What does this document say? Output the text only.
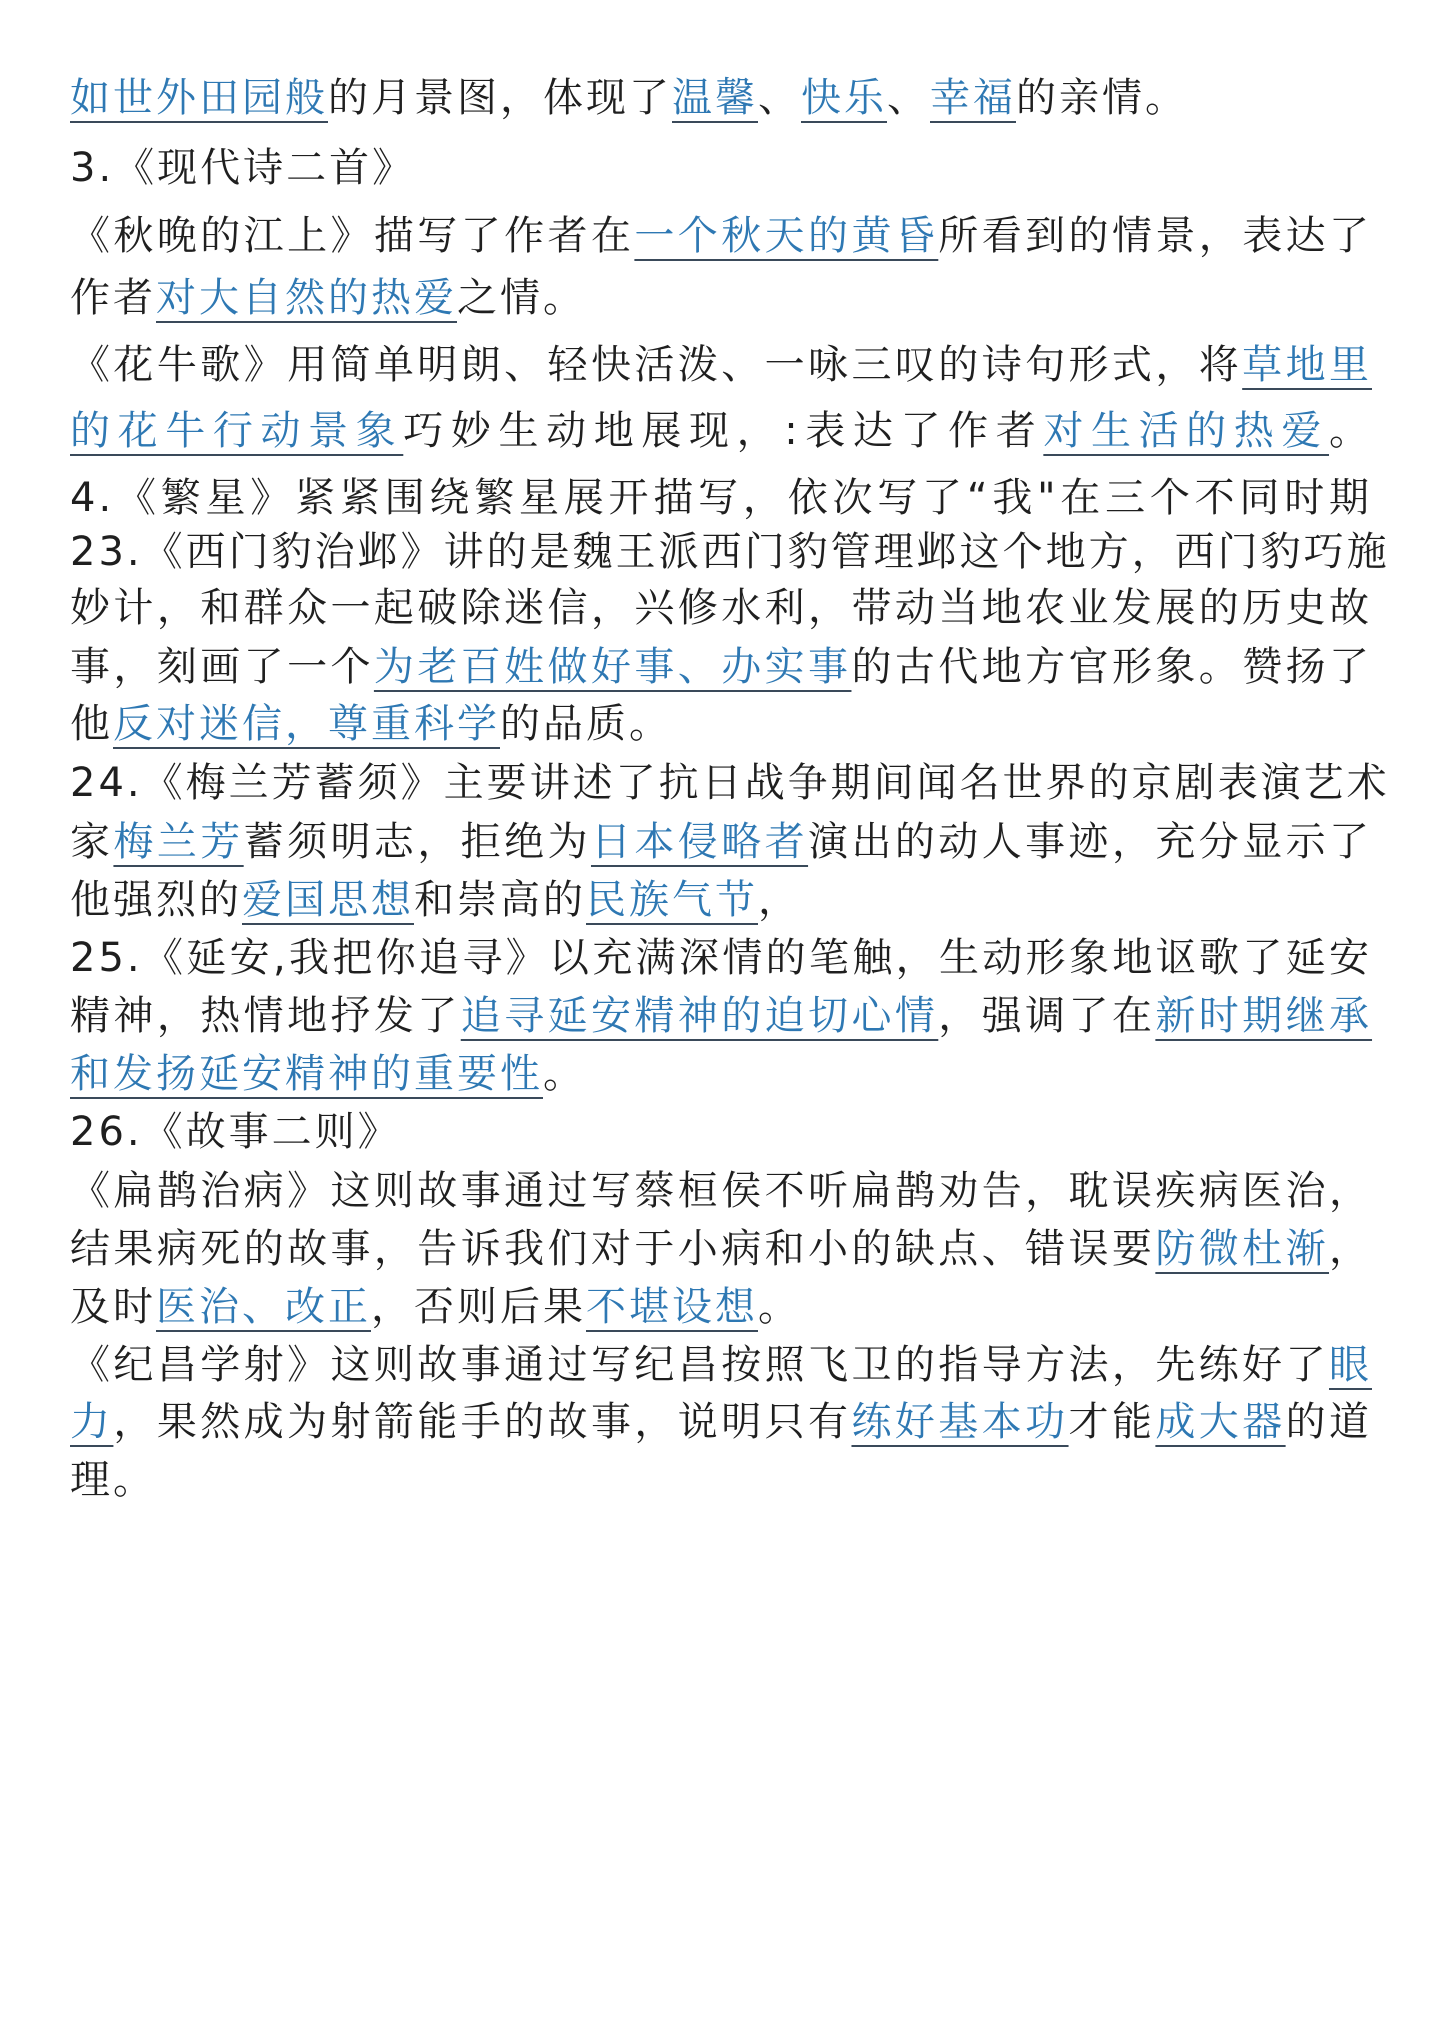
如世外田园般的月景图，体现了温馨、快乐、幸福的亲情。
3.《现代诗二首》
《秋晚的江上》描写了作者在一个秋天的黄昏所看到的情景，表达了
作者对大自然的热爱之情。
《花牛歌》用简单明朗、轻快活泼、一咏三叹的诗句形式，将草地里
的花牛行动景象巧妙生动地展现，:表达了作者对生活的热爱。
4.《繁星》紧紧围绕繁星展开描写，依次写了“我"在三个不同时期
23.《西门豹治邺》讲的是魏王派西门豹管理邺这个地方，西门豹巧施
妙计，和群众一起破除迷信，兴修水利，带动当地农业发展的历史故
事，刻画了一个为老百姓做好事、办实事的古代地方官形象。赞扬了
他反对迷信，尊重科学的品质。
24.《梅兰芳蓄须》主要讲述了抗日战争期间闻名世界的京剧表演艺术
家梅兰芳蓄须明志，拒绝为日本侵略者演出的动人事迹，充分显示了
他强烈的爱国思想和崇高的民族气节，
25.《延安,我把你追寻》以充满深情的笔触，生动形象地讴歌了延安
精神，热情地抒发了追寻延安精神的迫切心情，强调了在新时期继承
和发扬延安精神的重要性。
26.《故事二则》
《扁鹊治病》这则故事通过写蔡桓侯不听扁鹊劝告，耽误疾病医治，
结果病死的故事，告诉我们对于小病和小的缺点、错误要防微杜渐，
及时医治、改正，否则后果不堪设想。
《纪昌学射》这则故事通过写纪昌按照飞卫的指导方法，先练好了眼
力，果然成为射箭能手的故事，说明只有练好基本功才能成大器的道
理。
